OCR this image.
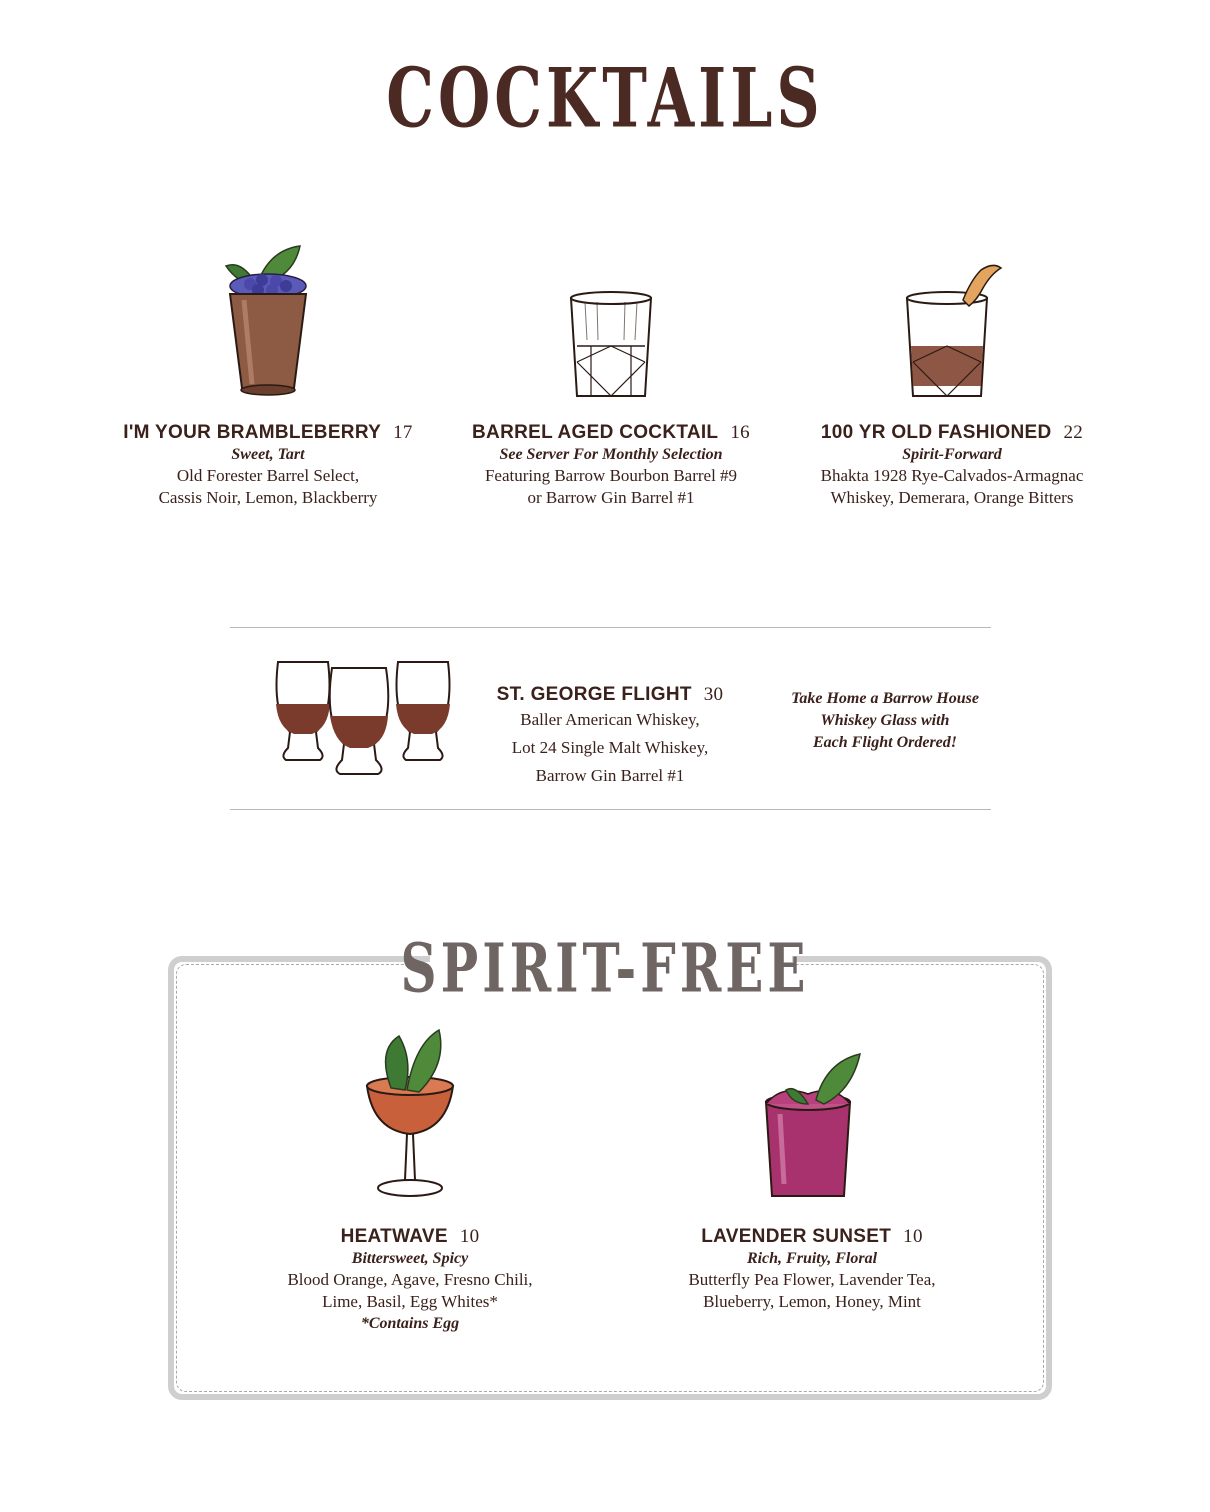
COCKTAILS
I'M YOUR BRAMBLEBERRY 17
Sweet, Tart
Old Forester Barrel Select,
Cassis Noir, Lemon, Blackberry
BARREL AGED COCKTAIL 16
See Server For Monthly Selection
Featuring Barrow Bourbon Barrel #9
or Barrow Gin Barrel #1
100 YR OLD FASHIONED 22
Spirit-Forward
Bhakta 1928 Rye-Calvados-Armagnac
Whiskey, Demerara, Orange Bitters
ST. GEORGE FLIGHT 30
Baller American Whiskey,
Lot 24 Single Malt Whiskey,
Barrow Gin Barrel #1
Take Home a Barrow House
Whiskey Glass with
Each Flight Ordered!
SPIRIT-FREE
HEATWAVE 10
Bittersweet, Spicy
Blood Orange, Agave, Fresno Chili,
Lime, Basil, Egg Whites*
*Contains Egg
LAVENDER SUNSET 10
Rich, Fruity, Floral
Butterfly Pea Flower, Lavender Tea,
Blueberry, Lemon, Honey, Mint
